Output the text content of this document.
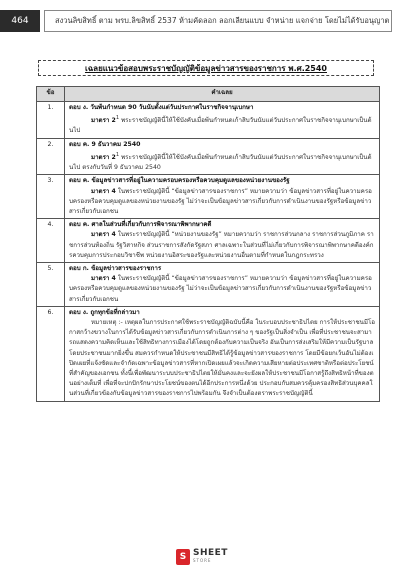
464	สงวนลิขสิทธิ์ ตาม พรบ.ลิขสิทธิ์ 2537 ห้ามคัดลอก ลอกเลียนแบบ จำหน่าย แจกจ่าย โดยไม่ได้รับอนุญาต
เฉลยแนวข้อสอบพระราชบัญญัติข้อมูลข่าวสารของราชการ พ.ศ.2540
ข้อ	คำเฉลย
1.	ตอบ ง. วันพ้นกำหนด 90 วันนับตั้งแต่วันประกาศในราชกิจจานุเบกษา
มาตรา $2^1$ พระราชบัญญัตินี้ให้ใช้บังคับเมื่อพ้นกำหนดเก้าสิบวันนับแต่วันประกาศในราชกิจจานุเบกษาเป็นต้นไป

2.	ตอบ ค. 9 ธันวาคม 2540
มาตรา $2^1$ พระราชบัญญัตินี้ให้ใช้บังคับเมื่อพ้นกำหนดเก้าสิบวันนับแต่วันประกาศในราชกิจจานุเบกษาเป็นต้นไป ตรงกับวันที่ 9 ธันวาคม 2540

3.	ตอบ ค. ข้อมูลข่าวสารที่อยู่ในความครอบครองหรือควบคุมดูแลของหน่วยงานของรัฐ
มาตรา 4 ในพระราชบัญญัตินี้ “ข้อมูลข่าวสารของราชการ” หมายความว่า ข้อมูลข่าวสารที่อยู่ในความครอบครองหรือควบคุมดูแลของหน่วยงานของรัฐ ไม่ว่าจะเป็นข้อมูลข่าวสารเกี่ยวกับการดำเนินงานของรัฐหรือข้อมูลข่าวสารเกี่ยวกับเอกชน

4.	ตอบ ค. ศาลในส่วนที่เกี่ยวกับการพิจารณาพิพากษาคดี
มาตรา 4 ในพระราชบัญญัตินี้ “หน่วยงานของรัฐ” หมายความว่า ราชการส่วนกลาง ราชการส่วนภูมิภาค ราชการส่วนท้องถิ่น รัฐวิสาหกิจ ส่วนราชการสังกัดรัฐสภา ศาลเฉพาะในส่วนที่ไม่เกี่ยวกับการพิจารณาพิพากษาคดีองค์กรควบคุมการประกอบวิชาชีพ หน่วยงานอิสระของรัฐและหน่วยงานอื่นตามที่กำหนดในกฎกระทรวง

5.	ตอบ ก. ข้อมูลข่าวสารของราชการ
มาตรา 4 ในพระราชบัญญัตินี้ “ข้อมูลข่าวสารของราชการ” หมายความว่า ข้อมูลข่าวสารที่อยู่ในความครอบครองหรือควบคุมดูแลของหน่วยงานของรัฐ ไม่ว่าจะเป็นข้อมูลข่าวสารเกี่ยวกับการดำเนินงานของรัฐหรือข้อมูลข่าวสารเกี่ยวกับเอกชน

6.	ตอบ ง. ถูกทุกข้อที่กล่าวมา
หมายเหตุ :- เหตุผลในการประกาศใช้พระราชบัญญัติฉบับนี้คือ ในระบอบประชาธิปไตย การให้ประชาชนมีโอกาสกว้างขวางในการได้รับข้อมูลข่าวสารเกี่ยวกับการดำเนินการต่าง ๆ ของรัฐเป็นสิ่งจำเป็น เพื่อที่ประชาชนจะสามารถแสดงความคิดเห็นและใช้สิทธิทางการเมืองได้โดยถูกต้องกับความเป็นจริง อันเป็นการส่งเสริมให้มีความเป็นรัฐบาลโดยประชาชนมากยิ่งขึ้น สมควรกำหนดให้ประชาชนมีสิทธิได้รู้ข้อมูลข่าวสารของราชการ โดยมีข้อยกเว้นอันไม่ต้องเปิดเผยที่แจ้งชัดและจำกัดเฉพาะข้อมูลข่าวสารที่หากเปิดเผยแล้วจะเกิดความเสียหายต่อประเทศชาติหรือต่อประโยชน์ที่สำคัญของเอกชน ทั้งนี้เพื่อพัฒนาระบบประชาธิปไตยให้มั่นคงและจะยังผลให้ประชาชนมีโอกาสรู้ถึงสิทธิหน้าที่ของตนอย่างเต็มที่ เพื่อที่จะปกปักรักษาประโยชน์ของตนได้อีกประการหนึ่งด้วย ประกอบกับสมควรคุ้มครองสิทธิส่วนบุคคลในส่วนที่เกี่ยวข้องกับข้อมูลข่าวสารของราชการไปพร้อมกัน จึงจำเป็นต้องตราพระราชบัญญัตินี้
S SHEET
STORE
